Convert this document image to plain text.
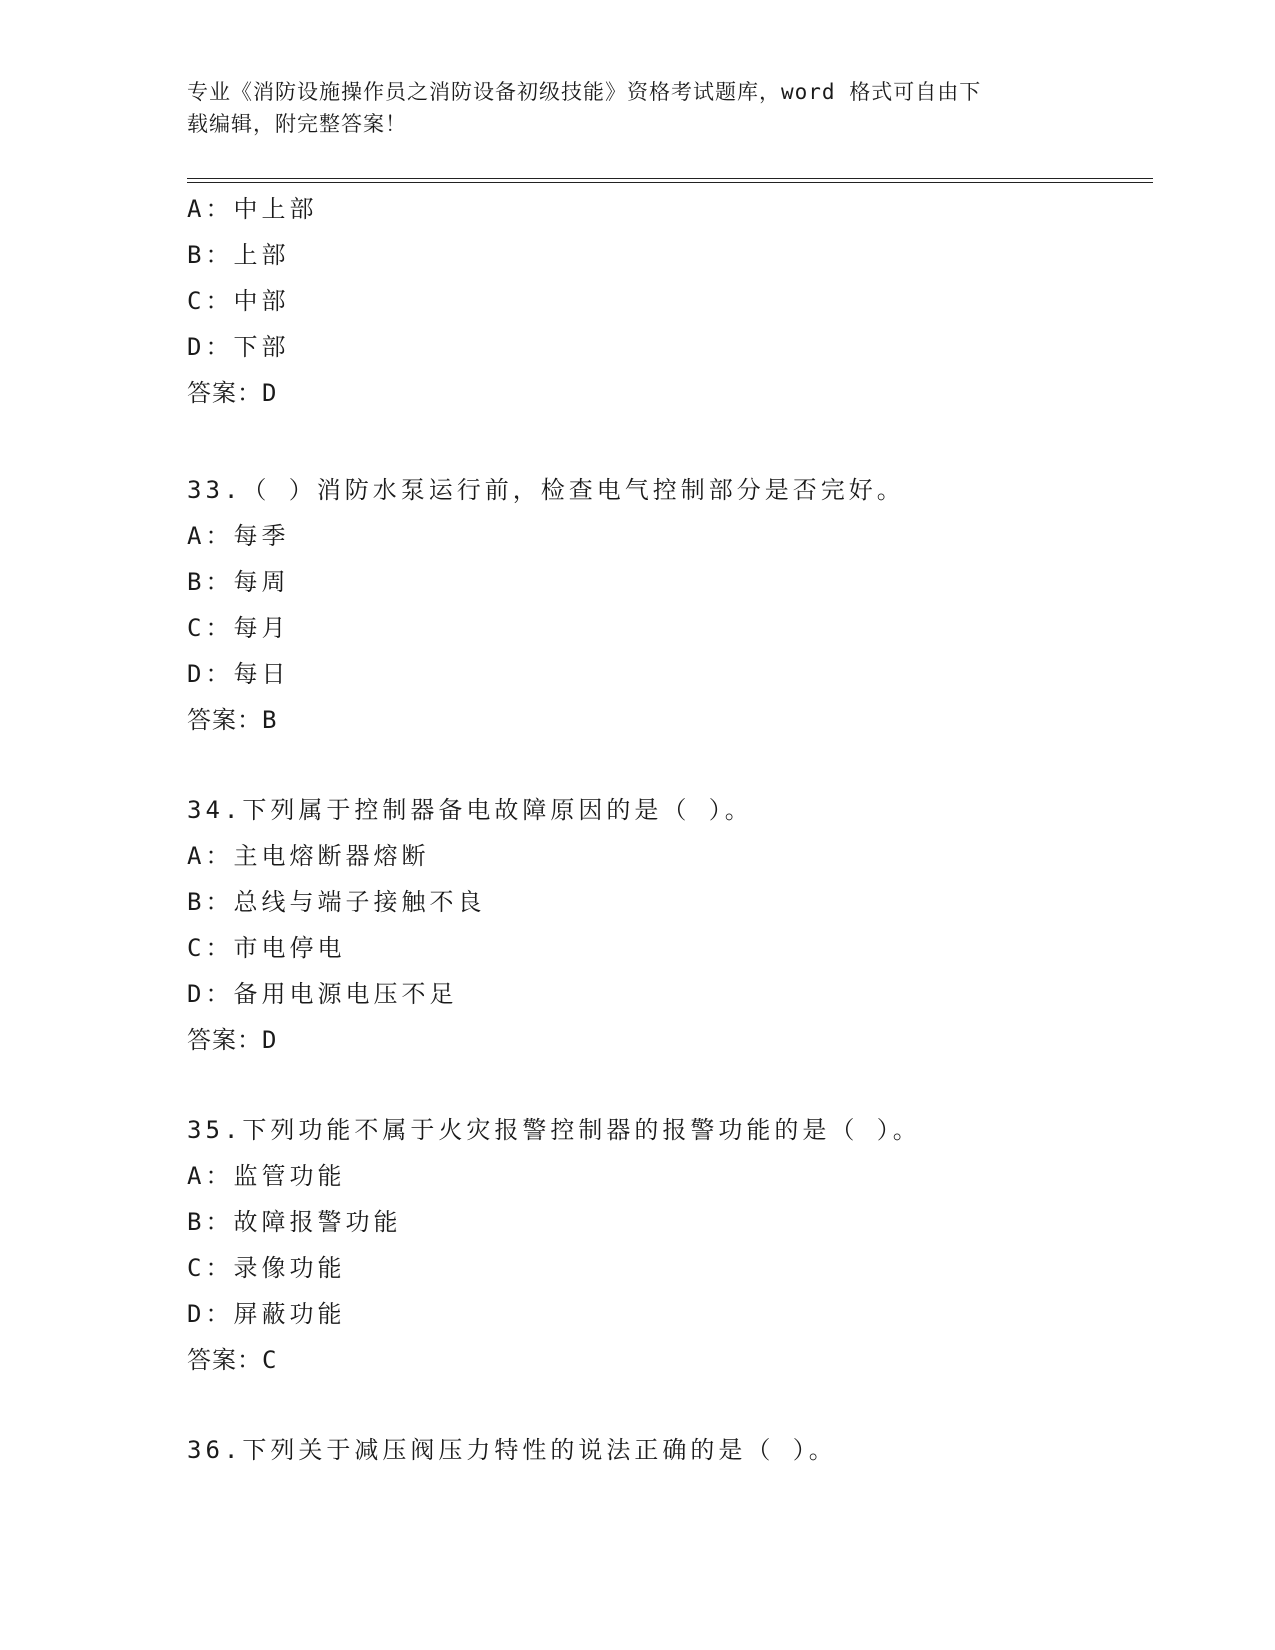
专业《消防设施操作员之消防设备初级技能》资格考试题库，word 格式可自由下
载编辑，附完整答案！
A：中上部
B：上部
C：中部
D：下部
答案：D
33.（ ）消防水泵运行前，检查电气控制部分是否完好。
A：每季
B：每周
C：每月
D：每日
答案：B
34.下列属于控制器备电故障原因的是（ ）。
A：主电熔断器熔断
B：总线与端子接触不良
C：市电停电
D：备用电源电压不足
答案：D
35.下列功能不属于火灾报警控制器的报警功能的是（ ）。
A：监管功能
B：故障报警功能
C：录像功能
D：屏蔽功能
答案：C
36.下列关于减压阀压力特性的说法正确的是（ ）。
